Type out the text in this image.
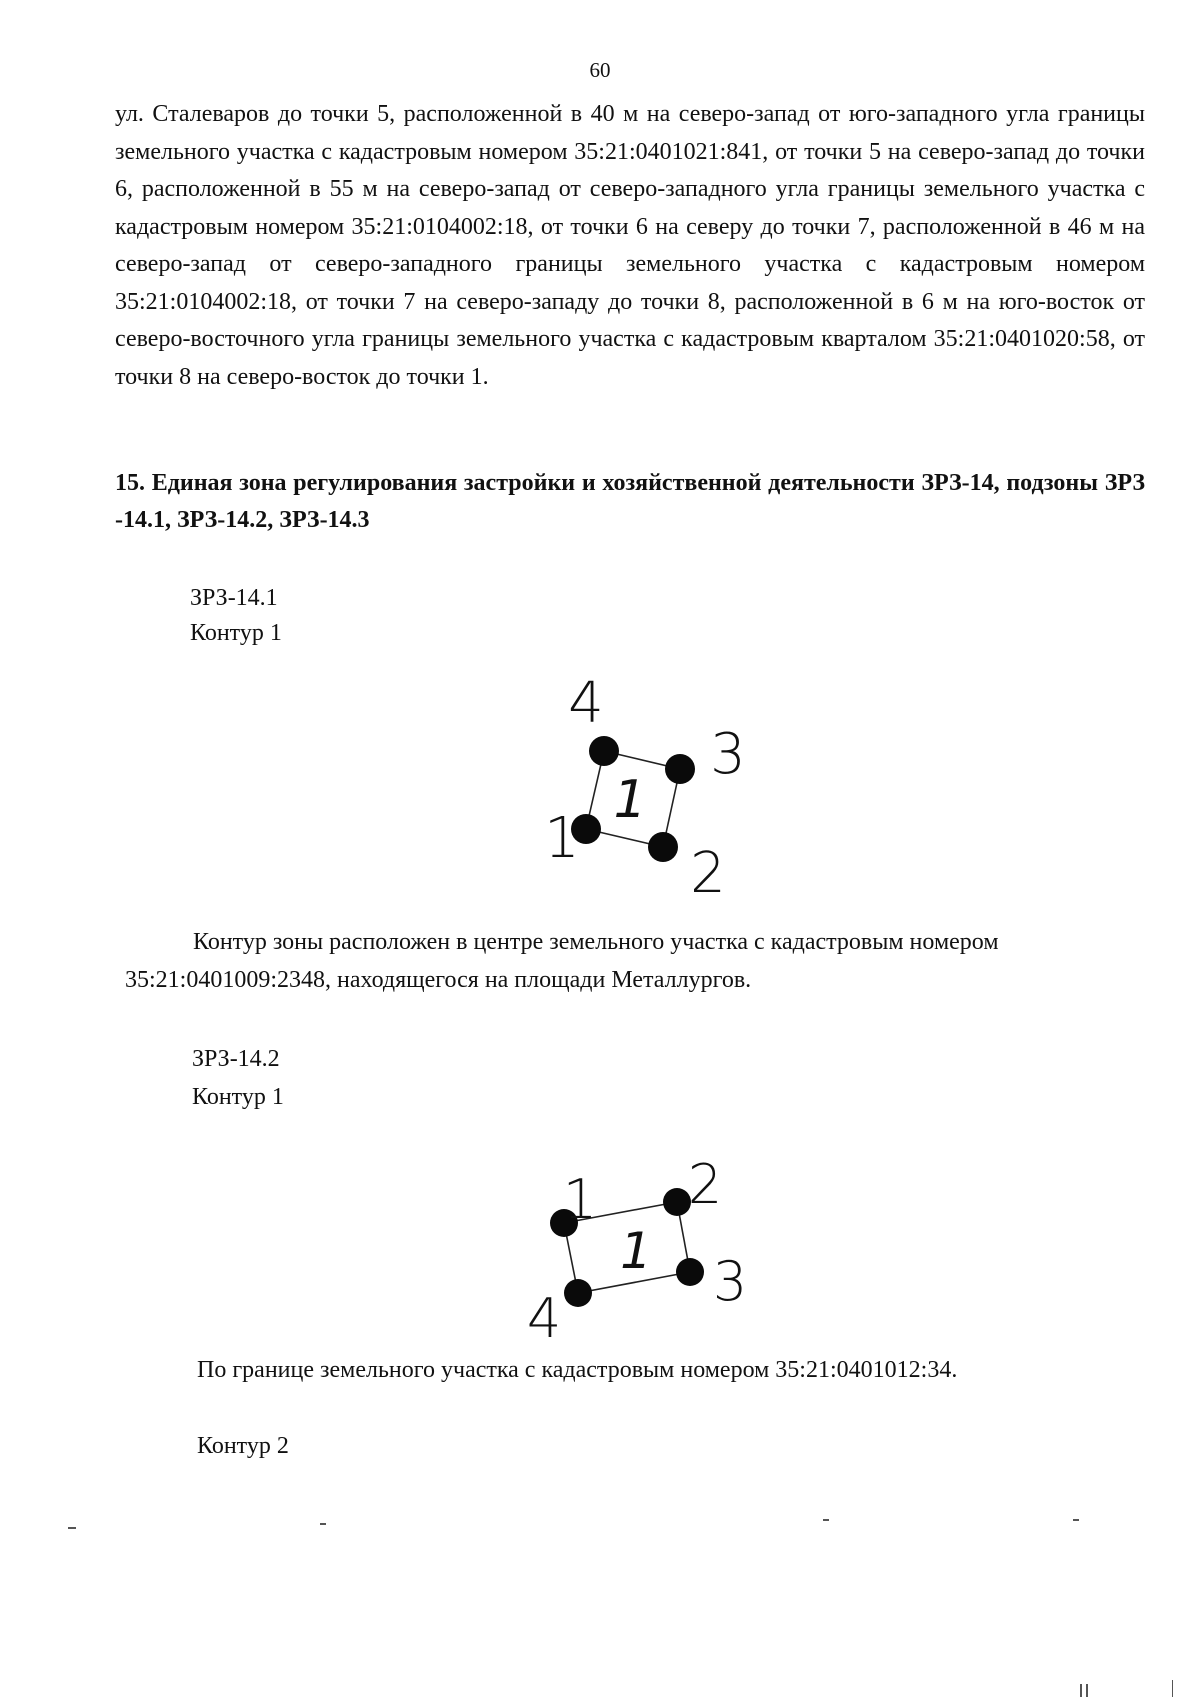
60

ул. Сталеваров до точки 5, расположенной в 40 м на северо-запад от юго-западного угла границы земельного участка с кадастровым номером 35:21:0401021:841, от точки 5 на северо-запад до точки 6, расположенной в 55 м на северо-запад от северо-западного угла границы земельного участка с кадастровым номером 35:21:0104002:18, от точки 6 на северу до точки 7, расположенной в 46 м на северо-запад от северо-западного границы земельного участка с кадастровым номером 35:21:0104002:18, от точки 7 на северо-западу до точки 8, расположенной в 6 м на юго-восток от северо-восточного угла границы земельного участка с кадастровым кварталом 35:21:0401020:58, от точки 8 на северо-восток до точки 1.

15. Единая зона регулирования застройки и хозяйственной деятельности ЗРЗ-14, подзоны ЗРЗ -14.1, ЗРЗ-14.2, ЗРЗ-14.3

ЗРЗ-14.1
Контур 1
1
1
2
3
4

Контур зоны расположен в центре земельного участка с кадастровым номером 35:21:0401009:2348, находящегося на площади Металлургов.

ЗРЗ-14.2
Контур 1
1
1 2
3
4

По границе земельного участка с кадастровым номером 35:21:0401012:34.

Контур 2
